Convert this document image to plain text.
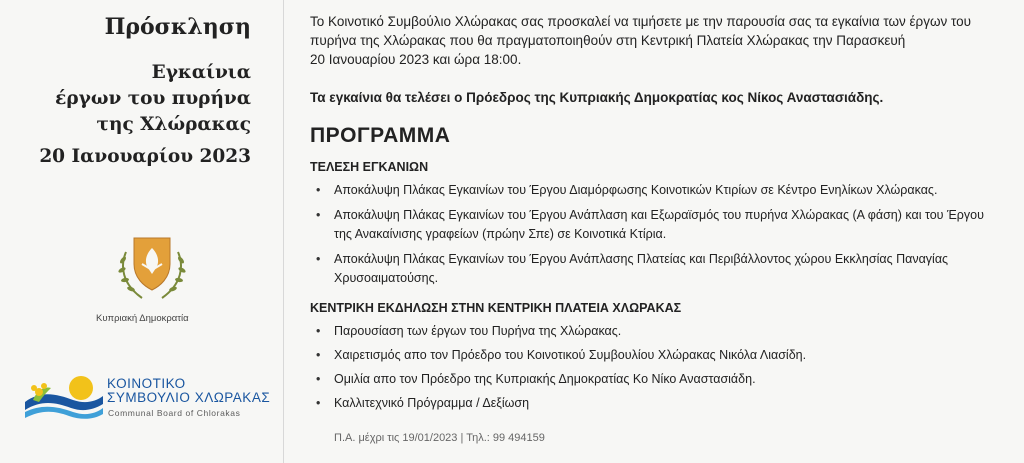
Πρόσκληση
Εγκαίνια
έργων του πυρήνα
της Χλώρακας
20 Ιανουαρίου 2023
Κυπριακή Δημοκρατία
ΚΟΙΝΟΤΙΚΟ
ΣΥΜΒΟΥΛΙΟ ΧΛΩΡΑΚΑΣ
Communal Board of Chlorakas
Το Κοινοτικό Συμβούλιο Χλώρακας σας προσκαλεί να τιμήσετε με την παρουσία σας τα εγκαίνια των έργων του
πυρήνα της Χλώρακας που θα πραγματοποιηθούν στη Κεντρική Πλατεία Χλώρακας την Παρασκευή
20 Ιανουαρίου 2023 και ώρα 18:00.
Τα εγκαίνια θα τελέσει ο Πρόεδρος της Κυπριακής Δημοκρατίας κος Νίκος Αναστασιάδης.
ΠΡΟΓΡΑΜΜΑ
ΤΕΛΕΣΗ ΕΓΚΑΝΙΩΝ
• Αποκάλυψη Πλάκας Εγκαινίων του Έργου Διαμόρφωσης Κοινοτικών Κτιρίων σε Κέντρο Ενηλίκων Χλώρακας.
• Αποκάλυψη Πλάκας Εγκαινίων του Έργου Ανάπλαση και Εξωραϊσμός του πυρήνα Χλώρακας (Α φάση) και του Έργου
της Ανακαίνισης γραφείων (πρώην Σπε) σε Κοινοτικά Κτίρια.
• Αποκάλυψη Πλάκας Εγκαινίων του Έργου Ανάπλασης Πλατείας και Περιβάλλοντος χώρου Εκκλησίας Παναγίας
Χρυσοαιματούσης.
ΚΕΝΤΡΙΚΗ ΕΚΔΗΛΩΣΗ ΣΤΗΝ ΚΕΝΤΡΙΚΗ ΠΛΑΤΕΙΑ ΧΛΩΡΑΚΑΣ
• Παρουσίαση των έργων του Πυρήνα της Χλώρακας.
• Χαιρετισμός απο τον Πρόεδρο του Κοινοτικού Συμβουλίου Χλώρακας Νικόλα Λιασίδη.
• Ομιλία απο τον Πρόεδρο της Κυπριακής Δημοκρατίας Κο Νίκο Αναστασιάδη.
• Καλλιτεχνικό Πρόγραμμα / Δεξίωση
Π.Α. μέχρι τις 19/01/2023 | Τηλ.: 99 494159
